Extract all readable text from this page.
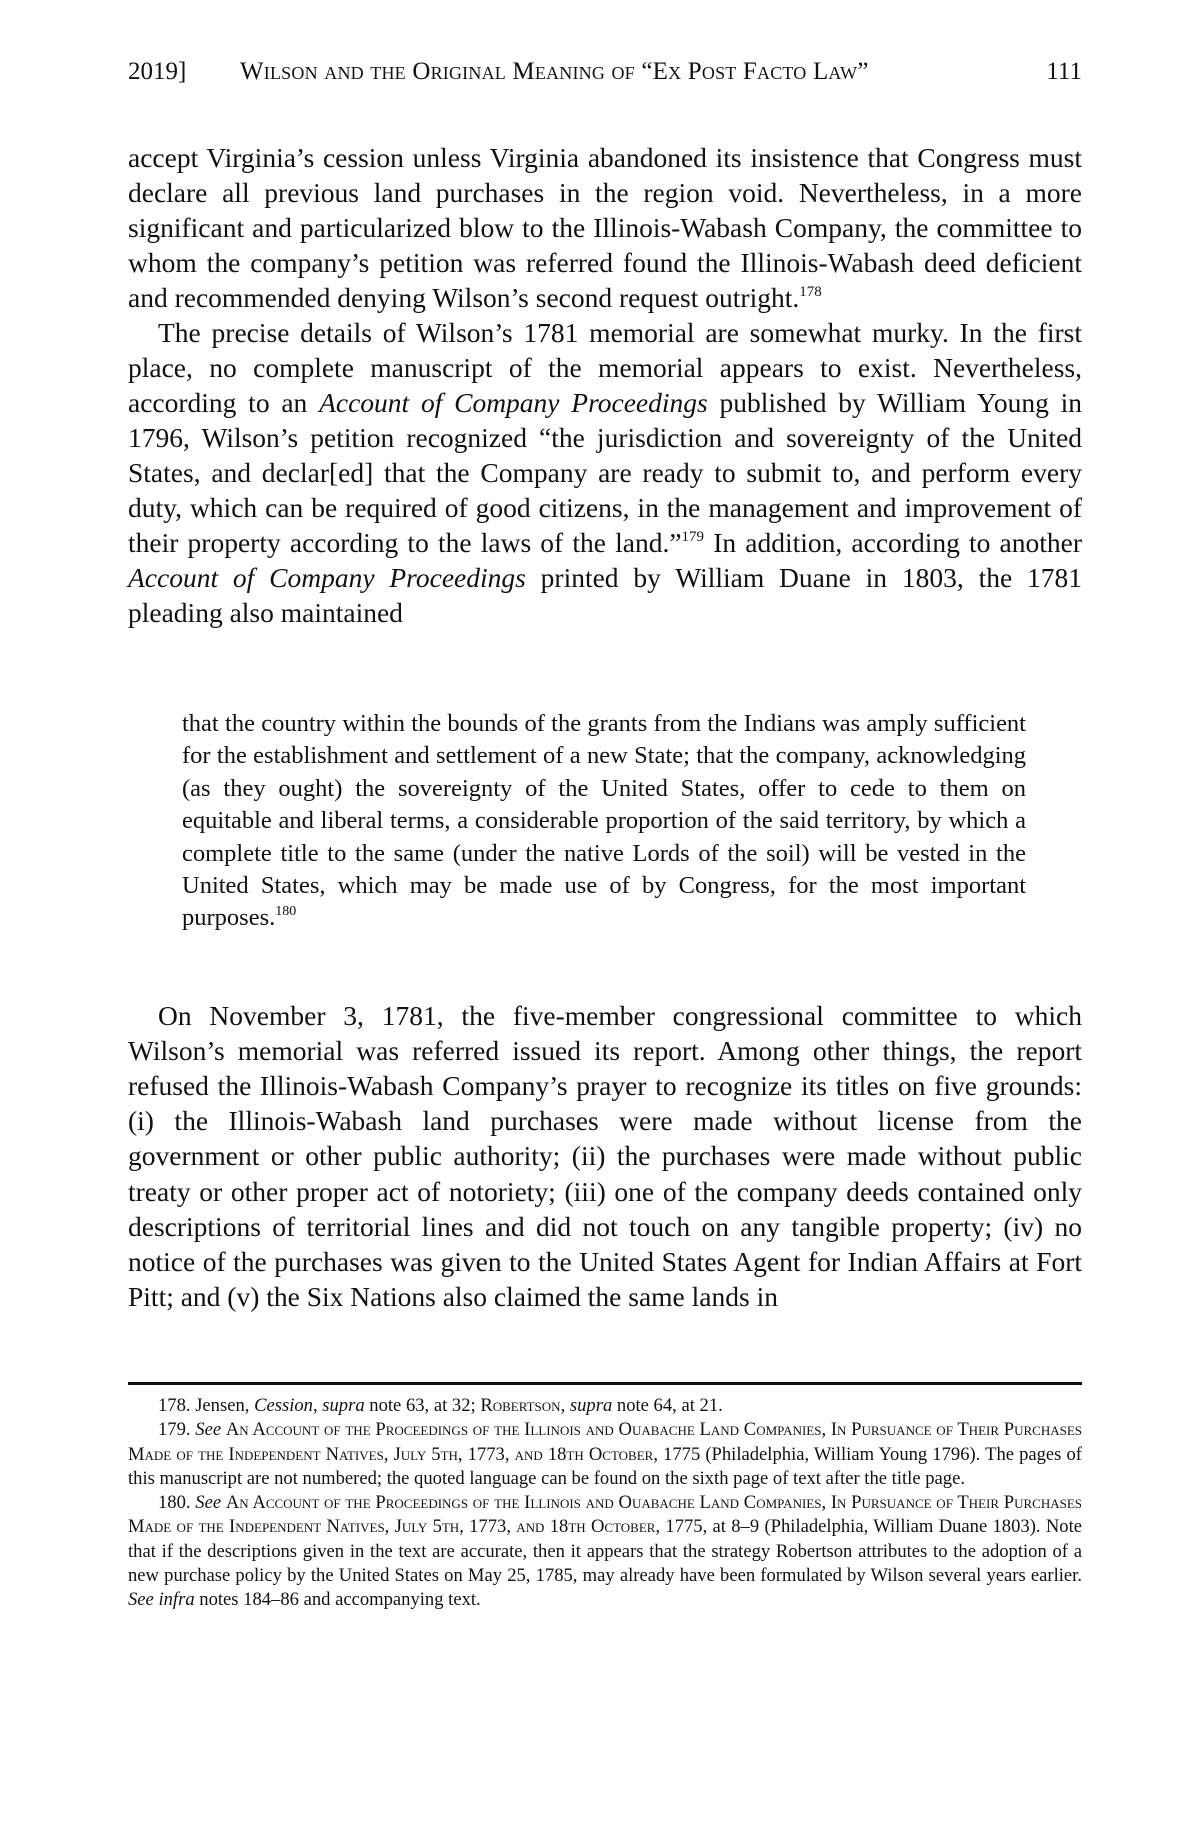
2019] Wilson and the Original Meaning of “Ex Post Facto Law”	111

accept Virginia’s cession unless Virginia abandoned its insistence that Congress must declare all previous land purchases in the region void. Nevertheless, in a more significant and particularized blow to the Illinois-Wabash Company, the committee to whom the company’s petition was referred found the Illinois-Wabash deed deficient and recommended denying Wilson’s second request outright.$^{178}$

The precise details of Wilson’s 1781 memorial are somewhat murky. In the first place, no complete manuscript of the memorial appears to exist. Nevertheless, according to an Account of Company Proceedings published by William Young in 1796, Wilson’s petition recognized “the jurisdiction and sovereignty of the United States, and declar[ed] that the Company are ready to submit to, and perform every duty, which can be required of good citizens, in the management and improvement of their property according to the laws of the land.”$^{179}$ In addition, according to another Account of Company Proceedings printed by William Duane in 1803, the 1781 pleading also maintained

that the country within the bounds of the grants from the Indians was amply sufficient for the establishment and settlement of a new State; that the company, acknowledging (as they ought) the sovereignty of the United States, offer to cede to them on equitable and liberal terms, a considerable proportion of the said territory, by which a complete title to the same (under the native Lords of the soil) will be vested in the United States, which may be made use of by Congress, for the most important purposes.$^{180}$

On November 3, 1781, the five-member congressional committee to which Wilson’s memorial was referred issued its report. Among other things, the report refused the Illinois-Wabash Company’s prayer to recognize its titles on five grounds: (i) the Illinois-Wabash land purchases were made without license from the government or other public authority; (ii) the purchases were made without public treaty or other proper act of notoriety; (iii) one of the company deeds contained only descriptions of territorial lines and did not touch on any tangible property; (iv) no notice of the purchases was given to the United States Agent for Indian Affairs at Fort Pitt; and (v) the Six Nations also claimed the same lands in

178. Jensen, Cession, supra note 63, at 32; Robertson, supra note 64, at 21.

179. See An Account of the Proceedings of the Illinois and Ouabache Land Companies, In Pursuance of Their Purchases Made of the Independent Natives, July 5th, 1773, and 18th October, 1775 (Philadelphia, William Young 1796). The pages of this manuscript are not numbered; the quoted language can be found on the sixth page of text after the title page.

180. See An Account of the Proceedings of the Illinois and Ouabache Land Companies, In Pursuance of Their Purchases Made of the Independent Natives, July 5th, 1773, and 18th October, 1775, at 8–9 (Philadelphia, William Duane 1803). Note that if the descriptions given in the text are accurate, then it appears that the strategy Robertson attributes to the adoption of a new purchase policy by the United States on May 25, 1785, may already have been formulated by Wilson several years earlier. See infra notes 184–86 and accompanying text.
